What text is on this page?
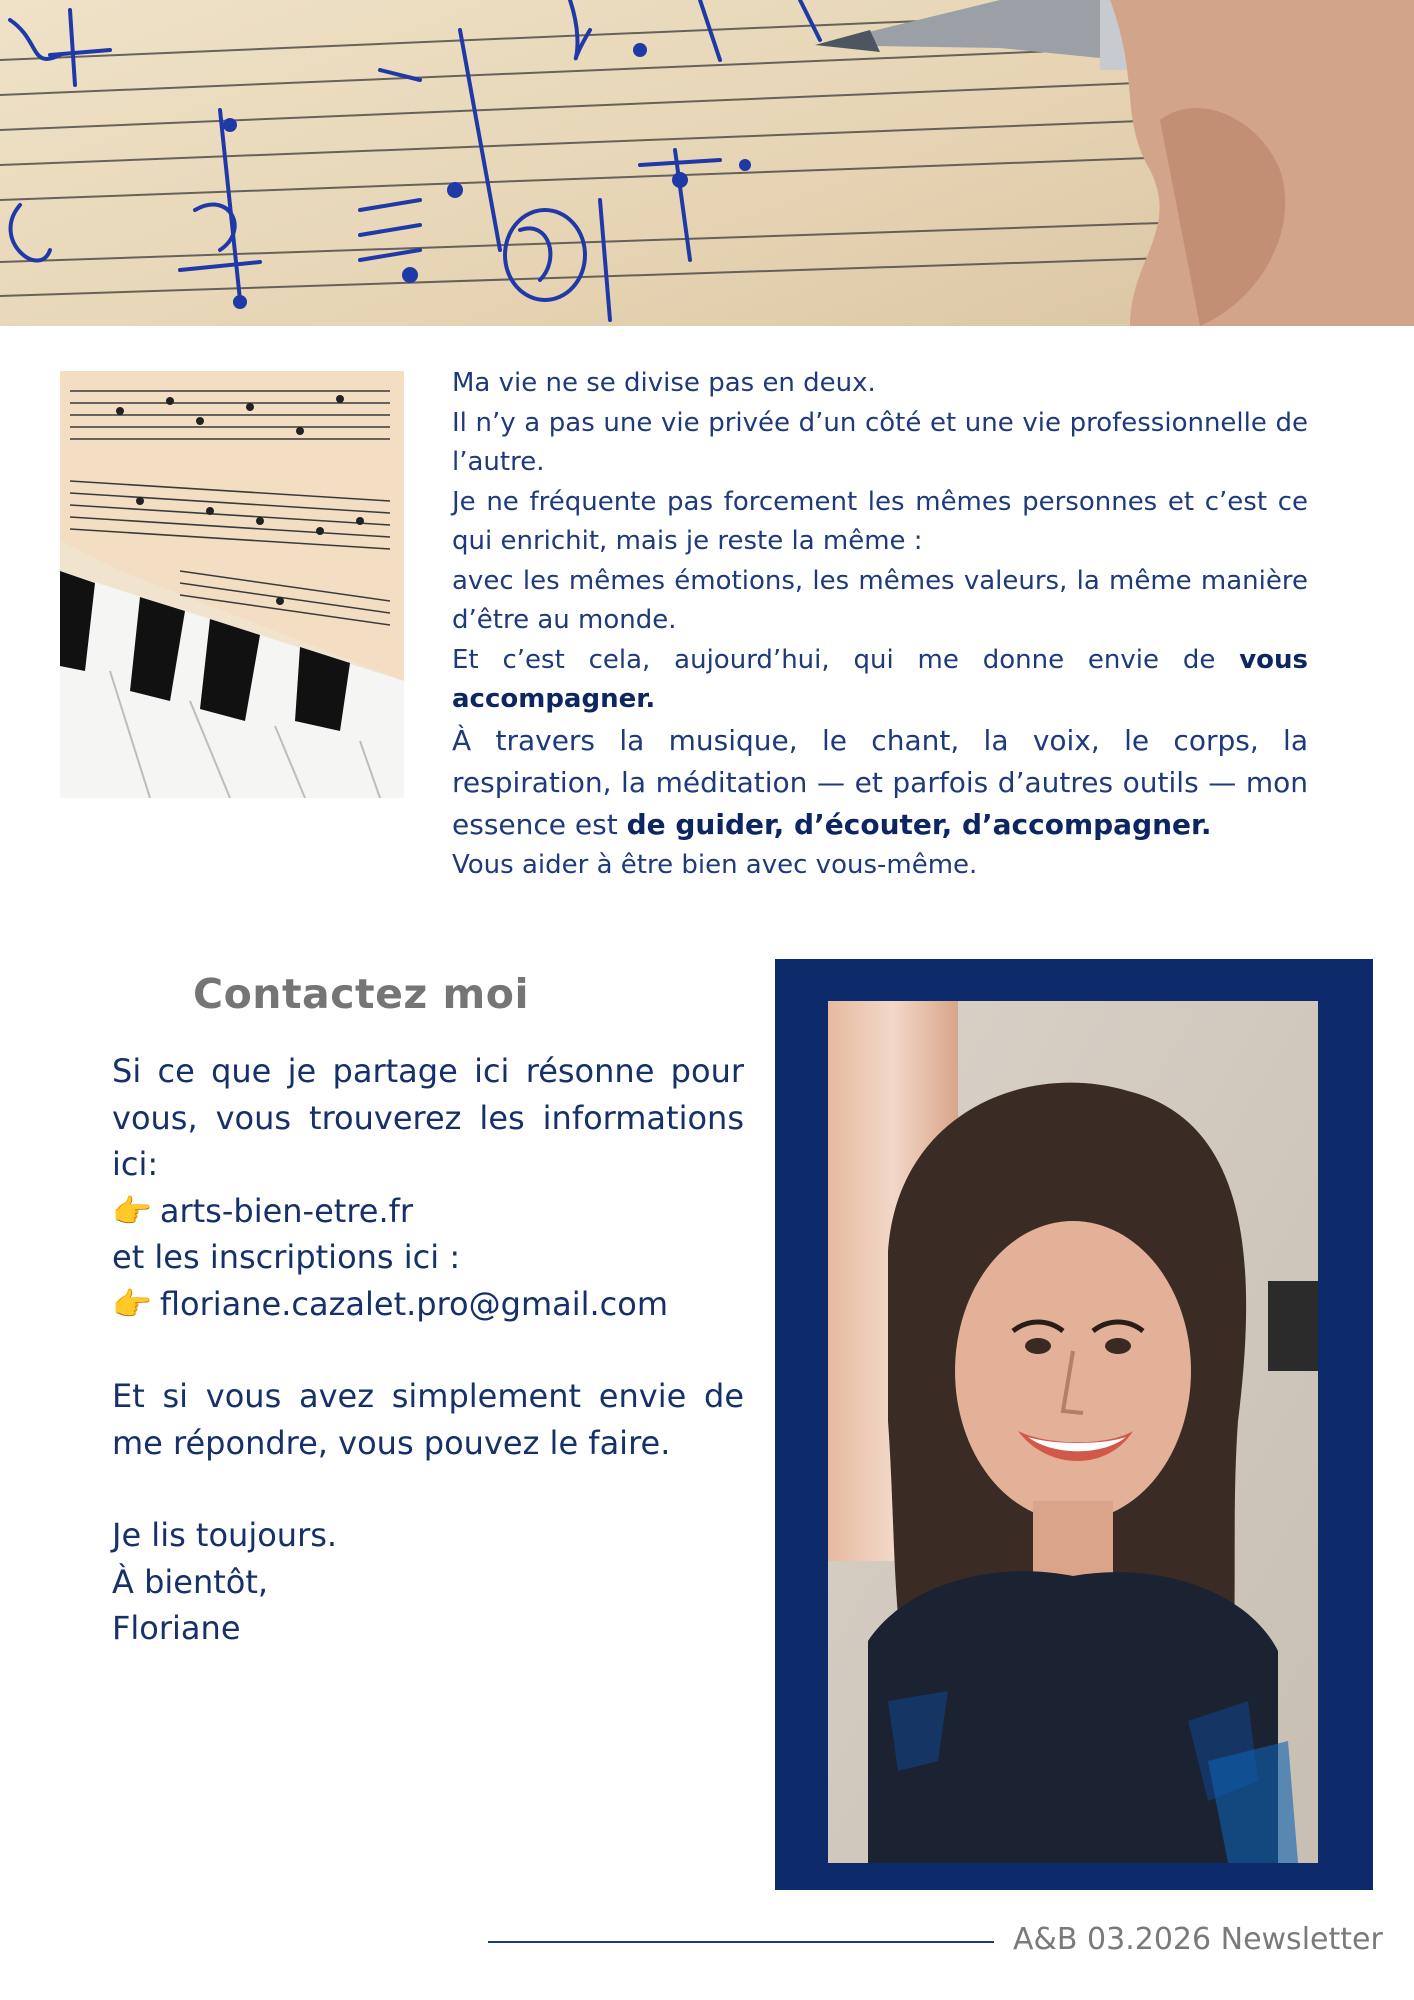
Ma vie ne se divise pas en deux.

Il n’y a pas une vie privée d’un côté et une vie professionnelle de l’autre.

Je ne fréquente pas forcement les mêmes personnes et c’est ce qui enrichit, mais je reste la même :

avec les mêmes émotions, les mêmes valeurs, la même manière d’être au monde.

Et c’est cela, aujourd’hui, qui me donne envie de vous accompagner.

À travers la musique, le chant, la voix, le corps, la respiration, la méditation — et parfois d’autres outils — mon essence est de guider, d’écouter, d’accompagner.

Vous aider à être bien avec vous-même.

Contactez moi

Si ce que je partage ici résonne pour vous, vous trouverez les informations ici:

👉 arts-bien-etre.fr

et les inscriptions ici :

👉 floriane.cazalet.pro@gmail.com

Et si vous avez simplement envie de me répondre, vous pouvez le faire.

Je lis toujours.

À bientôt,

Floriane

A&B 03.2026 Newsletter
